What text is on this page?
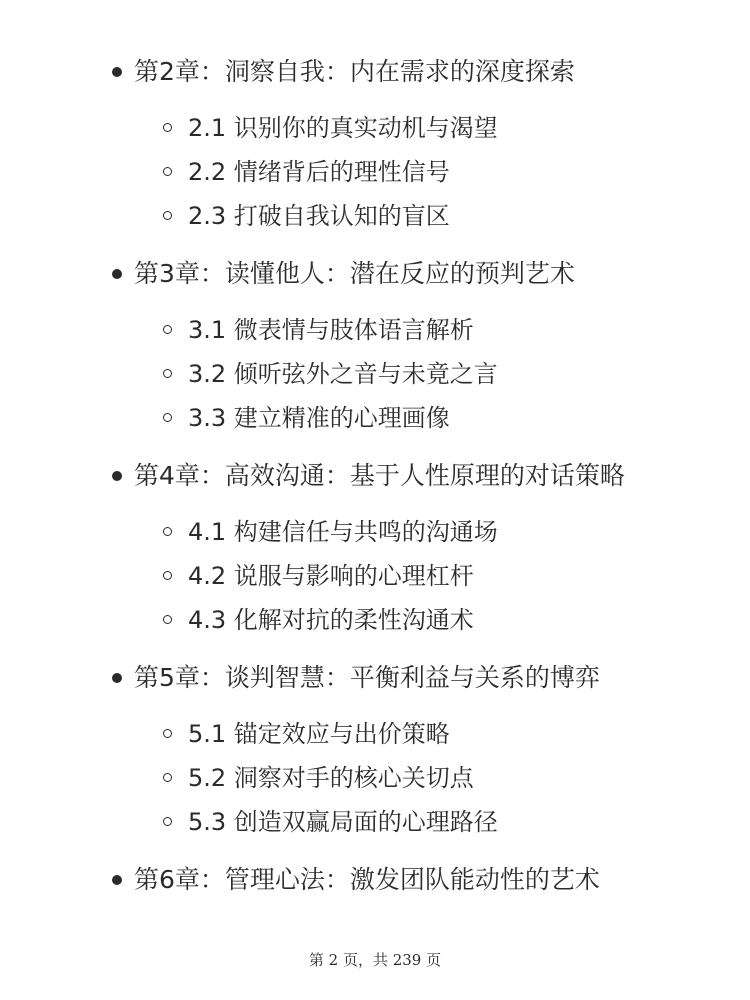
第2章：洞察自我：内在需求的深度探索
2.1 识别你的真实动机与渴望
2.2 情绪背后的理性信号
2.3 打破自我认知的盲区
第3章：读懂他人：潜在反应的预判艺术
3.1 微表情与肢体语言解析
3.2 倾听弦外之音与未竟之言
3.3 建立精准的心理画像
第4章：高效沟通：基于人性原理的对话策略
4.1 构建信任与共鸣的沟通场
4.2 说服与影响的心理杠杆
4.3 化解对抗的柔性沟通术
第5章：谈判智慧：平衡利益与关系的博弈
5.1 锚定效应与出价策略
5.2 洞察对手的核心关切点
5.3 创造双赢局面的心理路径
第6章：管理心法：激发团队能动性的艺术
第 2 页，共 239 页
